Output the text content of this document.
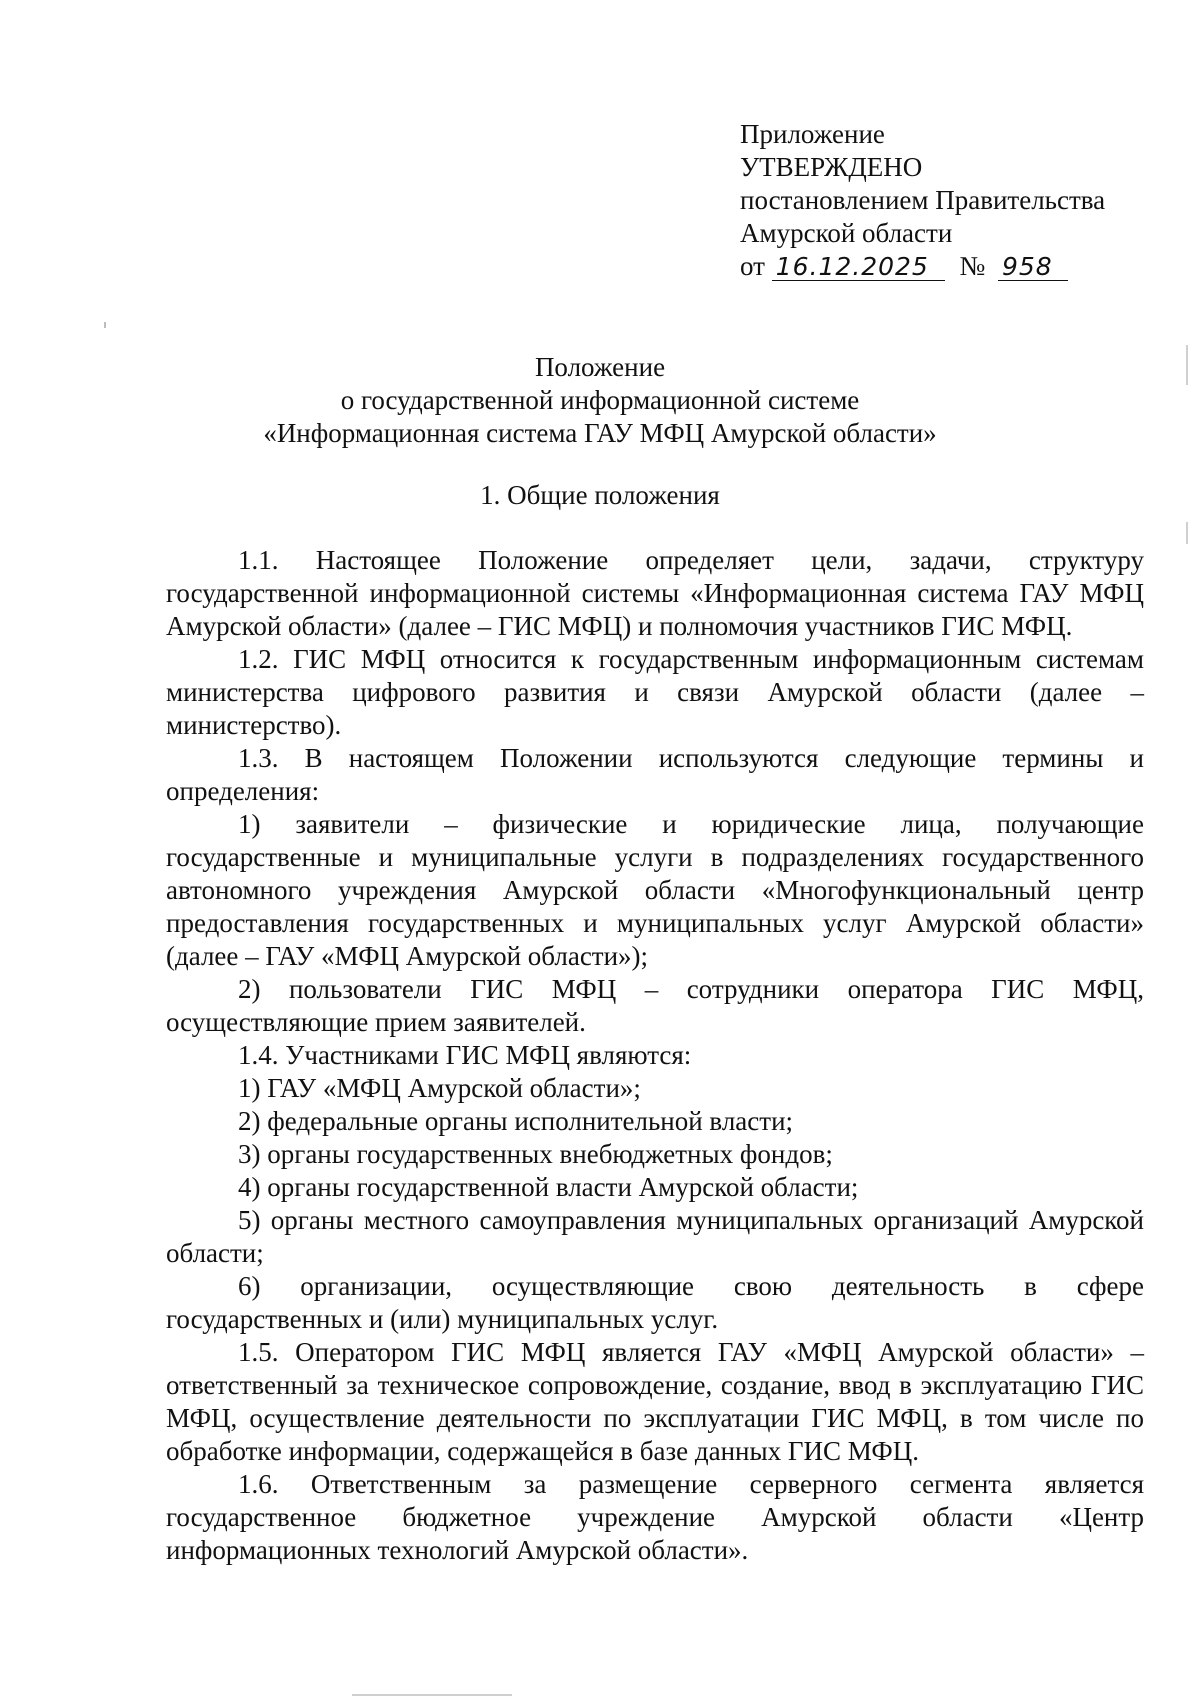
Приложение
УТВЕРЖДЕНО
постановлением Правительства
Амурской области
от 16.12.2025 № 958
Положение
о государственной информационной системе
«Информационная система ГАУ МФЦ Амурской области»
1. Общие положения

1.1. Настоящее Положение определяет цели, задачи, структуру государственной информационной системы «Информационная система ГАУ МФЦ Амурской области» (далее – ГИС МФЦ) и полномочия участников ГИС МФЦ.

1.2. ГИС МФЦ относится к государственным информационным системам министерства цифрового развития и связи Амурской области (далее – министерство).

1.3. В настоящем Положении используются следующие термины и определения:

1) заявители – физические и юридические лица, получающие государственные и муниципальные услуги в подразделениях государственного автономного учреждения Амурской области «Многофункциональный центр предоставления государственных и муниципальных услуг Амурской области» (далее – ГАУ «МФЦ Амурской области»);

2) пользователи ГИС МФЦ – сотрудники оператора ГИС МФЦ, осуществляющие прием заявителей.

1.4. Участниками ГИС МФЦ являются:

1) ГАУ «МФЦ Амурской области»;

2) федеральные органы исполнительной власти;

3) органы государственных внебюджетных фондов;

4) органы государственной власти Амурской области;

5) органы местного самоуправления муниципальных организаций Амурской области;

6) организации, осуществляющие свою деятельность в сфере государственных и (или) муниципальных услуг.

1.5. Оператором ГИС МФЦ является ГАУ «МФЦ Амурской области» – ответственный за техническое сопровождение, создание, ввод в эксплуатацию ГИС МФЦ, осуществление деятельности по эксплуатации ГИС МФЦ, в том числе по обработке информации, содержащейся в базе данных ГИС МФЦ.

1.6. Ответственным за размещение серверного сегмента является государственное бюджетное учреждение Амурской области «Центр информационных технологий Амурской области».
